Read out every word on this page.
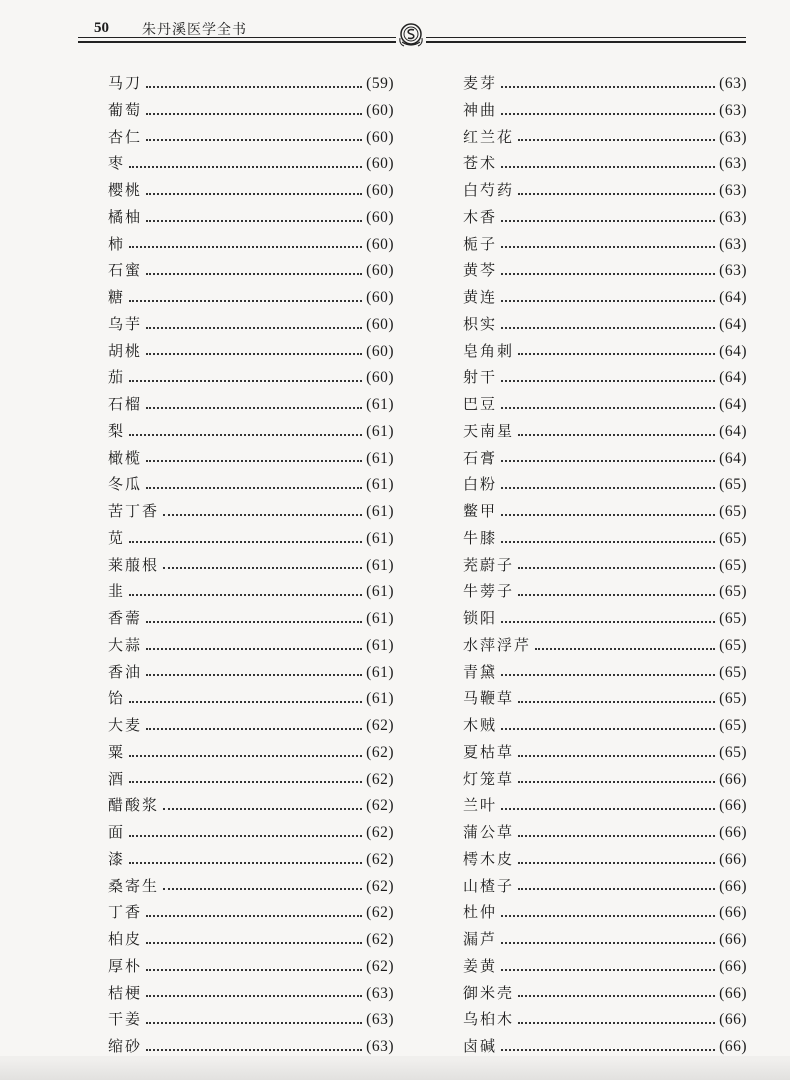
50 朱丹溪医学全书
马刀	(59)
葡萄	(60)
杏仁	(60)
枣	(60)
樱桃	(60)
橘柚	(60)
柿	(60)
石蜜	(60)
糖	(60)
乌芋	(60)
胡桃	(60)
茄	(60)
石榴	(61)
梨	(61)
橄榄	(61)
冬瓜	(61)
苦丁香	(61)
苋	(61)
莱菔根	(61)
韭	(61)
香薷	(61)
大蒜	(61)
香油	(61)
饴	(61)
大麦	(62)
粟	(62)
酒	(62)
醋酸浆	(62)
面	(62)
漆	(62)
桑寄生	(62)
丁香	(62)
柏皮	(62)
厚朴	(62)
桔梗	(63)
干姜	(63)
缩砂	(63)
麦芽	(63)
神曲	(63)
红兰花	(63)
苍术	(63)
白芍药	(63)
木香	(63)
栀子	(63)
黄芩	(63)
黄连	(64)
枳实	(64)
皂角刺	(64)
射干	(64)
巴豆	(64)
天南星	(64)
石膏	(64)
白粉	(65)
鳖甲	(65)
牛膝	(65)
茺蔚子	(65)
牛蒡子	(65)
锁阳	(65)
水萍浮芹	(65)
青黛	(65)
马鞭草	(65)
木贼	(65)
夏枯草	(65)
灯笼草	(66)
兰叶	(66)
蒲公草	(66)
樗木皮	(66)
山楂子	(66)
杜仲	(66)
漏芦	(66)
姜黄	(66)
御米壳	(66)
乌桕木	(66)
卤碱	(66)
